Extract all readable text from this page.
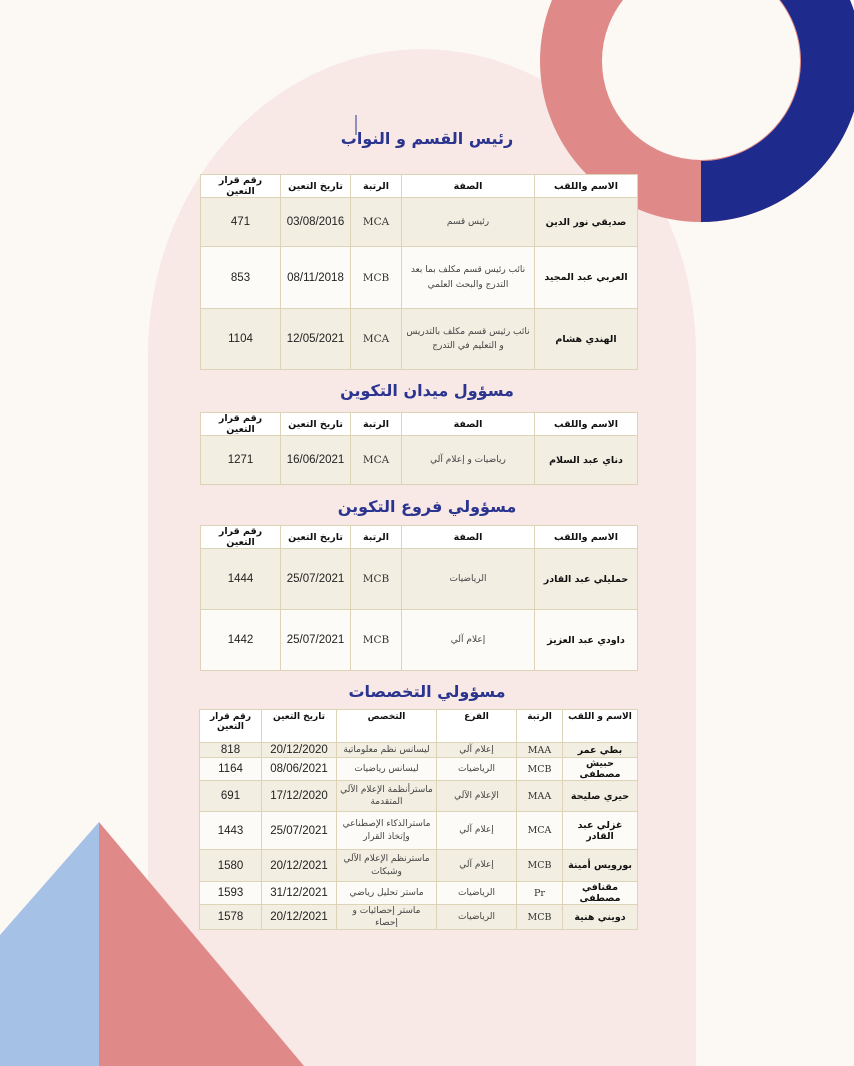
رئيس القسم و النواب
الاسم واللقب	الصفة	الرتبة	تاريخ التعين	رقم قرار التعين
صديقي نور الدين	رئيس قسم	MCA	03/08/2016	471
العربي عبد المجيد	نائب رئيس قسم مكلف بما بعد التدرج والبحث العلمي	MCB	08/11/2018	853
الهندي هشام	نائب رئيس قسم مكلف بالتدريس و التعليم في التدرج	MCA	12/05/2021	1104
مسؤول ميدان التكوين
الاسم واللقب	الصفة	الرتبة	تاريخ التعين	رقم قرار التعين
دناي عبد السلام	رياضيات و إعلام آلي	MCA	16/06/2021	1271
مسؤولي فروع التكوين
الاسم واللقب	الصفة	الرتبة	تاريخ التعين	رقم قرار التعين
حمليلي عبد القادر	الرياضيات	MCB	25/07/2021	1444
داودي عبد العزيز	إعلام آلي	MCB	25/07/2021	1442
مسؤولي التخصصات
الاسم و اللقب	الرتبة	الفرع	التخصص	تاريخ التعين	رقم قرار التعين
بطي عمر	MAA	إعلام آلي	ليسانس نظم معلوماتية	20/12/2020	818
حبيش مصطفى	MCB	الرياضيات	ليسانس رياضيات	08/06/2021	1164
حيري صليحة	MAA	الإعلام الآلي	ماسترأنظمة الإعلام الآلي المتقدمة	17/12/2020	691
غزلي عبد القادر	MCA	إعلام آلي	ماسترالذكاء الإصطناعي وإتخاذ القرار	25/07/2021	1443
بورويس أمينة	MCB	إعلام آلي	ماسترنظم الإعلام الآلي وشبكات	20/12/2021	1580
مقنافي مصطفى	Pr	الرياضيات	ماستر تحليل رياضي	31/12/2021	1593
دويني هنية	MCB	الرياضيات	ماستر إحصائيات و إحصاء	20/12/2021	1578
